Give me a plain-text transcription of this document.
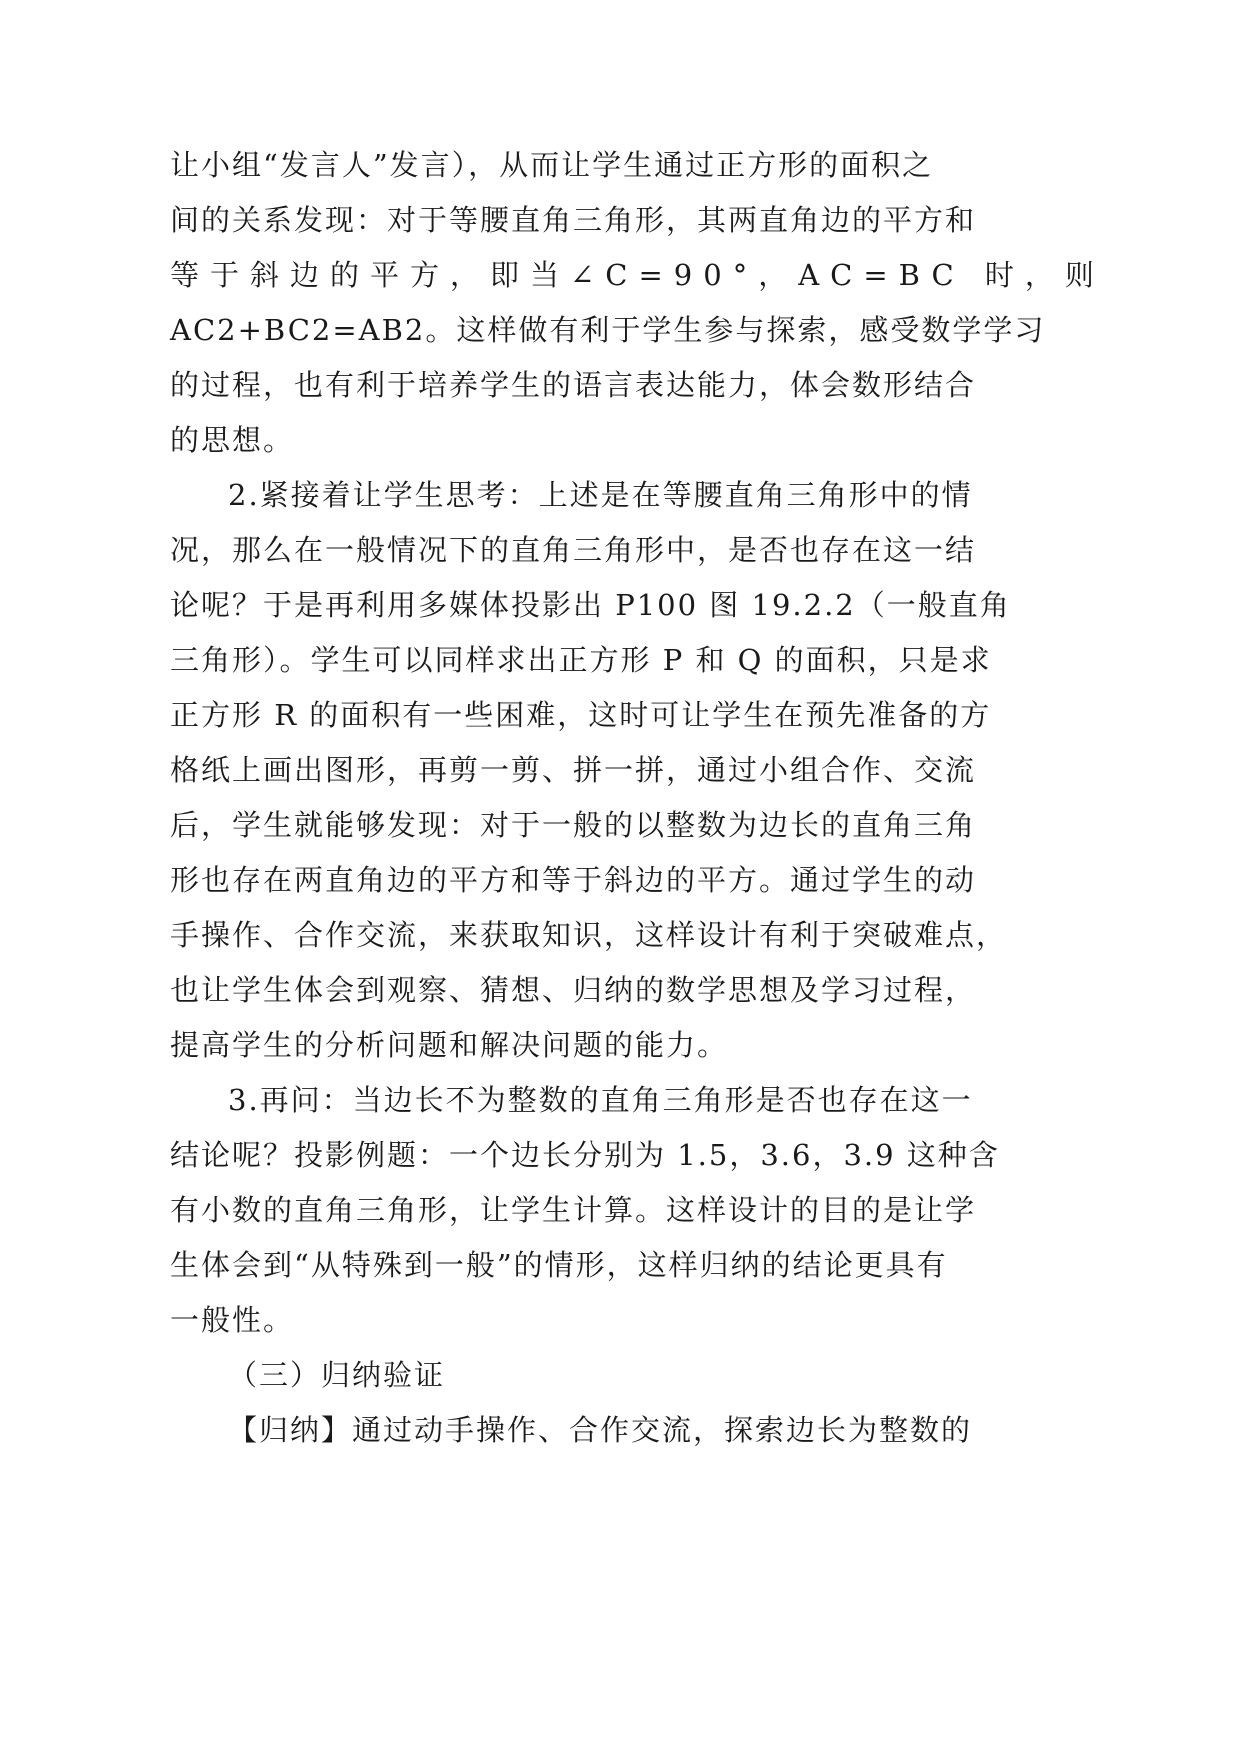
让小组“发言人”发言），从而让学生通过正方形的面积之
间的关系发现：对于等腰直角三角形，其两直角边的平方和
等于斜边的平方，即当∠C=90°，AC=BC 时，则
AC2+BC2=AB2。这样做有利于学生参与探索，感受数学学习
的过程，也有利于培养学生的语言表达能力，体会数形结合
的思想。
2.紧接着让学生思考：上述是在等腰直角三角形中的情
况，那么在一般情况下的直角三角形中，是否也存在这一结
论呢？于是再利用多媒体投影出 P100 图 19.2.2（一般直角
三角形）。学生可以同样求出正方形 P 和 Q 的面积，只是求
正方形 R 的面积有一些困难，这时可让学生在预先准备的方
格纸上画出图形，再剪一剪、拼一拼，通过小组合作、交流
后，学生就能够发现：对于一般的以整数为边长的直角三角
形也存在两直角边的平方和等于斜边的平方。通过学生的动
手操作、合作交流，来获取知识，这样设计有利于突破难点，
也让学生体会到观察、猜想、归纳的数学思想及学习过程，
提高学生的分析问题和解决问题的能力。
3.再问：当边长不为整数的直角三角形是否也存在这一
结论呢？投影例题：一个边长分别为 1.5，3.6，3.9 这种含
有小数的直角三角形，让学生计算。这样设计的目的是让学
生体会到“从特殊到一般”的情形，这样归纳的结论更具有
一般性。
（三）归纳验证
【归纳】通过动手操作、合作交流，探索边长为整数的
